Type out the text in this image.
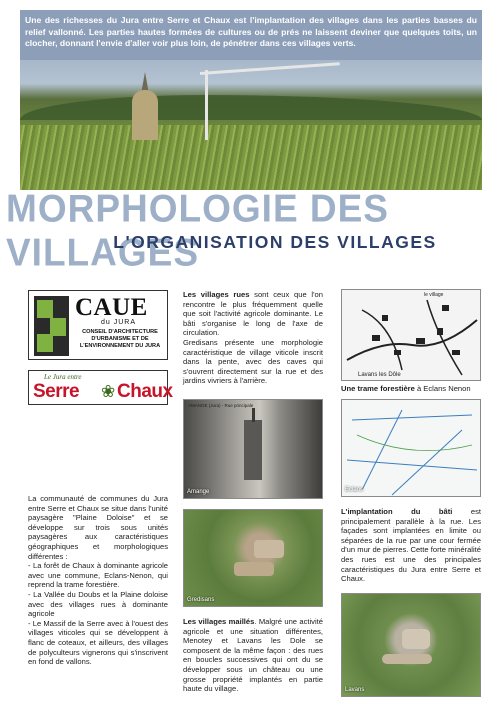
Une des richesses du Jura entre Serre et Chaux est l'implantation des villages dans les parties basses du relief vallonné. Les parties hautes formées de cultures ou de prés ne laissent deviner que quelques toits, un clocher, donnant l'envie d'aller voir plus loin, de pénétrer dans ces villages verts.

MORPHOLOGIE DES VILLAGES
L'ORGANISATION DES VILLAGES
CAUE
du JURA
CONSEIL D'ARCHITECTURE D'URBANISME ET DE L'ENVIRONNEMENT DU JURA
Le Jura entre
Serre ❀ Chaux

La communauté de communes du Jura entre Serre et Chaux se situe dans l'unité paysagère "Plaine Doloise" et se développe sur trois sous unités paysagères aux caractéristiques géographiques et morphologiques différentes :

- La forêt de Chaux à dominante agricole avec une commune, Eclans-Nenon, qui reprend la trame forestière.

- La Vallée du Doubs et la Plaine doloise avec des villages rues à dominante agricole

- Le Massif de la Serre avec à l'ouest des villages viticoles qui se développent à flanc de coteaux, et ailleurs, des villages de polyculteurs vignerons qui s'inscrivent en fond de vallons.

Les villages rues sont ceux que l'on rencontre le plus fréquemment quelle que soit l'activité agricole dominante. Le bâti s'organise le long de l'axe de circulation.

Gredisans présente une morphologie caractéristique de village viticole inscrit dans la pente, avec des caves qui s'ouvrent directement sur la rue et des jardins vivriers à l'arrière.

AMANGE (Jura) - Rue principale
Amange
Gredisans

Les villages maillés. Malgré une activité agricole et une situation différentes, Menotey et Lavans les Dole se composent de la même façon : des rues en boucles successives qui ont du se développer sous un château ou une grosse propriété implantés en partie haute du village.

le village
Lavans les Dôle

Une trame forestière à Eclans Nenon

Eclans

L'implantation du bâti est principalement parallèle à la rue. Les façades sont implantées en limite ou séparées de la rue par une cour fermée d'un mur de pierres. Cette forte minéralité des rues est une des principales caractéristiques du Jura entre Serre et Chaux.

Lavans
